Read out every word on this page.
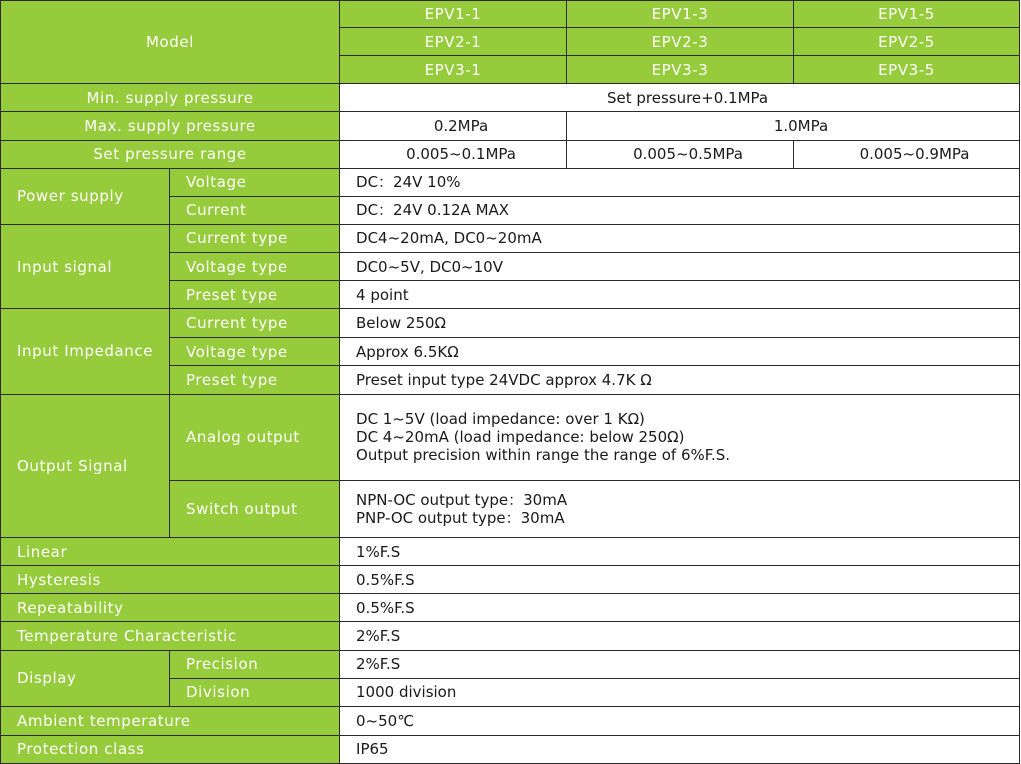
Model		EPV1-1	EPV1-3	EPV1-5
		EPV2-1	EPV2-3	EPV2-5
		EPV3-1	EPV3-3	EPV3-5
Min. supply pressure		Set pressure+0.1MPa		
Max. supply pressure		0.2MPa	1.0MPa	
Set pressure range		0.005~0.1MPa	0.005~0.5MPa	0.005~0.9MPa
Power supply	Voltage	DC：24V 10%		
	Current	DC：24V 0.12A MAX		
Input signal	Current type	DC4~20mA, DC0~20mA		
	Voltage type	DC0~5V, DC0~10V		
	Preset type	4 point		
Input Impedance	Current type	Below 250Ω		
	Voltage type	Approx 6.5KΩ		
	Preset type	Preset input type 24VDC approx 4.7K Ω		
Output Signal	Analog output	DC 1~5V (load impedance: over 1 KΩ)
DC 4~20mA (load impedance: below 250Ω)
Output precision within range the range of 6%F.S.		

	Switch output	NPN-OC output type：30mA
PNP-OC output type：30mA		

Linear		1%F.S		
Hysteresis		0.5%F.S		
Repeatability		0.5%F.S		
Temperature Characteristic		2%F.S		
Display	Precision	2%F.S		
	Division	1000 division		
Ambient temperature		0~50℃		
Protection class		IP65		
